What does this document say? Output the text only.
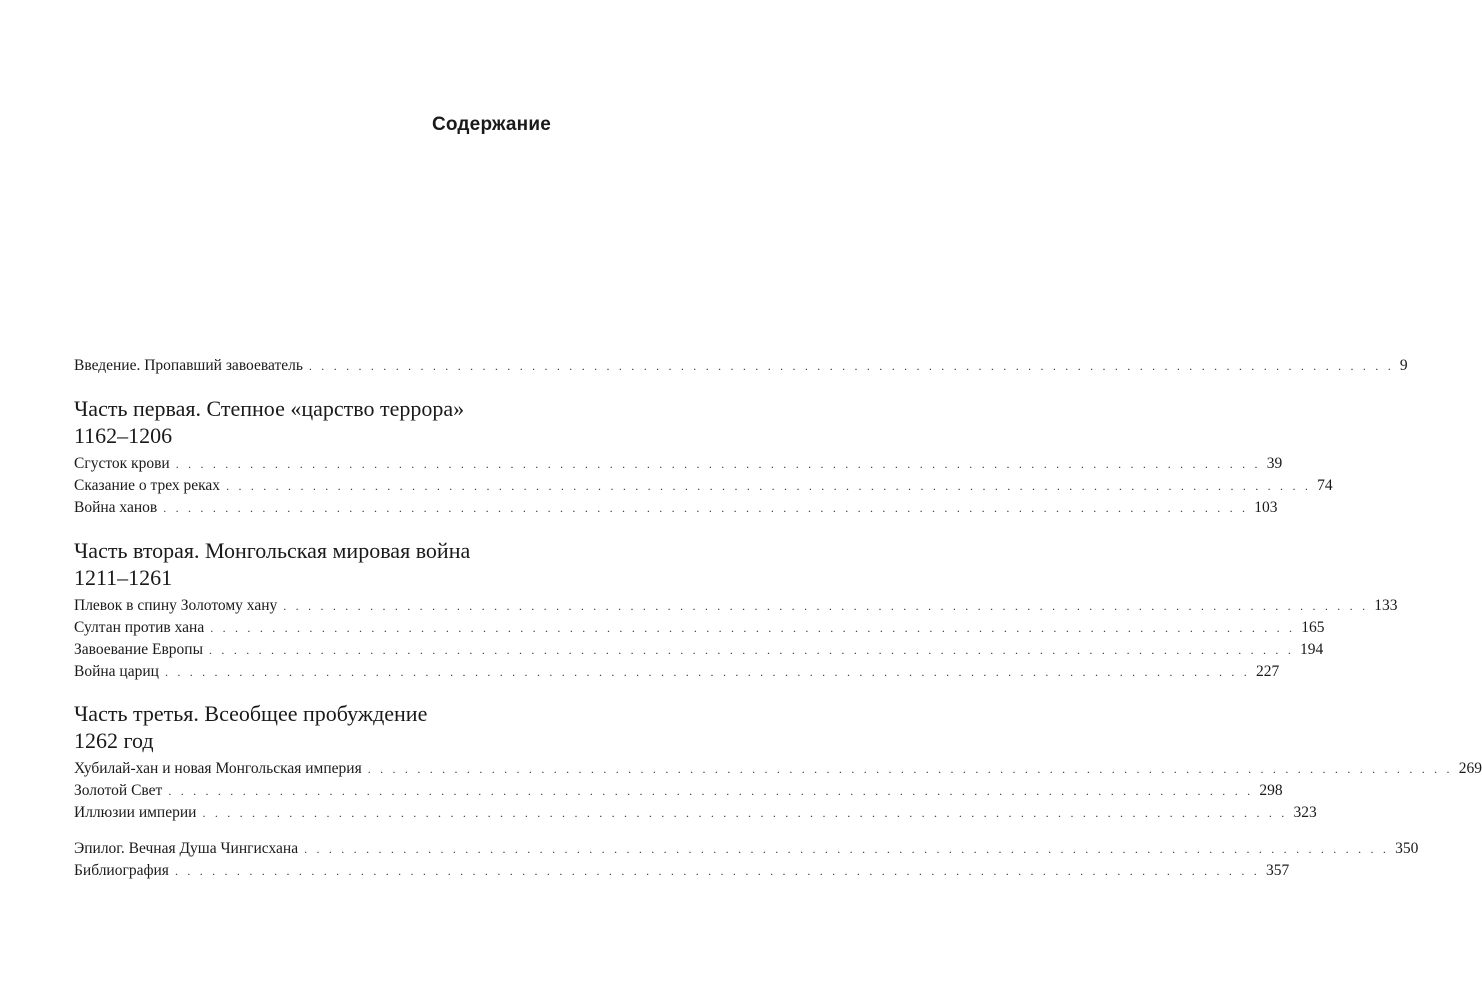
Содержание
Введение. Пропавший завоеватель . . . . . . . . . . . . . . . . . . . . . . . . . . . . . . . . . . . . . . . . . . . . . . . . . . . . . . . . . . . . . . . . . . . . . . . . . . . . . . . . . . . . . . . . 9
Часть первая. Степное «царство террора»
1162–1206
Сгусток крови . . . . . . . . . . . . . . . . . . . . . . . . . . . . . . . . . . . . . . . . . . . . . . . . . . . . . . . . . . . . . . . . . . . . . . . . . . . . . . . . . . . . . . . . 39
Сказание о трех реках . . . . . . . . . . . . . . . . . . . . . . . . . . . . . . . . . . . . . . . . . . . . . . . . . . . . . . . . . . . . . . . . . . . . . . . . . . . . . . . . . . . . . . . . 74
Война ханов . . . . . . . . . . . . . . . . . . . . . . . . . . . . . . . . . . . . . . . . . . . . . . . . . . . . . . . . . . . . . . . . . . . . . . . . . . . . . . . . . . . . . . . . 103
Часть вторая. Монгольская мировая война
1211–1261
Плевок в спину Золотому хану . . . . . . . . . . . . . . . . . . . . . . . . . . . . . . . . . . . . . . . . . . . . . . . . . . . . . . . . . . . . . . . . . . . . . . . . . . . . . . . . . . . . . . . . 133
Султан против хана . . . . . . . . . . . . . . . . . . . . . . . . . . . . . . . . . . . . . . . . . . . . . . . . . . . . . . . . . . . . . . . . . . . . . . . . . . . . . . . . . . . . . . . . 165
Завоевание Европы . . . . . . . . . . . . . . . . . . . . . . . . . . . . . . . . . . . . . . . . . . . . . . . . . . . . . . . . . . . . . . . . . . . . . . . . . . . . . . . . . . . . . . . . 194
Война цариц . . . . . . . . . . . . . . . . . . . . . . . . . . . . . . . . . . . . . . . . . . . . . . . . . . . . . . . . . . . . . . . . . . . . . . . . . . . . . . . . . . . . . . . . 227
Часть третья. Всеобщее пробуждение
1262 год
Хубилай-хан и новая Монгольская империя . . . . . . . . . . . . . . . . . . . . . . . . . . . . . . . . . . . . . . . . . . . . . . . . . . . . . . . . . . . . . . . . . . . . . . . . . . . . . . . . . . . . . . . . 269
Золотой Свет . . . . . . . . . . . . . . . . . . . . . . . . . . . . . . . . . . . . . . . . . . . . . . . . . . . . . . . . . . . . . . . . . . . . . . . . . . . . . . . . . . . . . . . . 298
Иллюзии империи . . . . . . . . . . . . . . . . . . . . . . . . . . . . . . . . . . . . . . . . . . . . . . . . . . . . . . . . . . . . . . . . . . . . . . . . . . . . . . . . . . . . . . . . 323
Эпилог. Вечная Душа Чингисхана . . . . . . . . . . . . . . . . . . . . . . . . . . . . . . . . . . . . . . . . . . . . . . . . . . . . . . . . . . . . . . . . . . . . . . . . . . . . . . . . . . . . . . . . 350
Библиография . . . . . . . . . . . . . . . . . . . . . . . . . . . . . . . . . . . . . . . . . . . . . . . . . . . . . . . . . . . . . . . . . . . . . . . . . . . . . . . . . . . . . . . . 357
